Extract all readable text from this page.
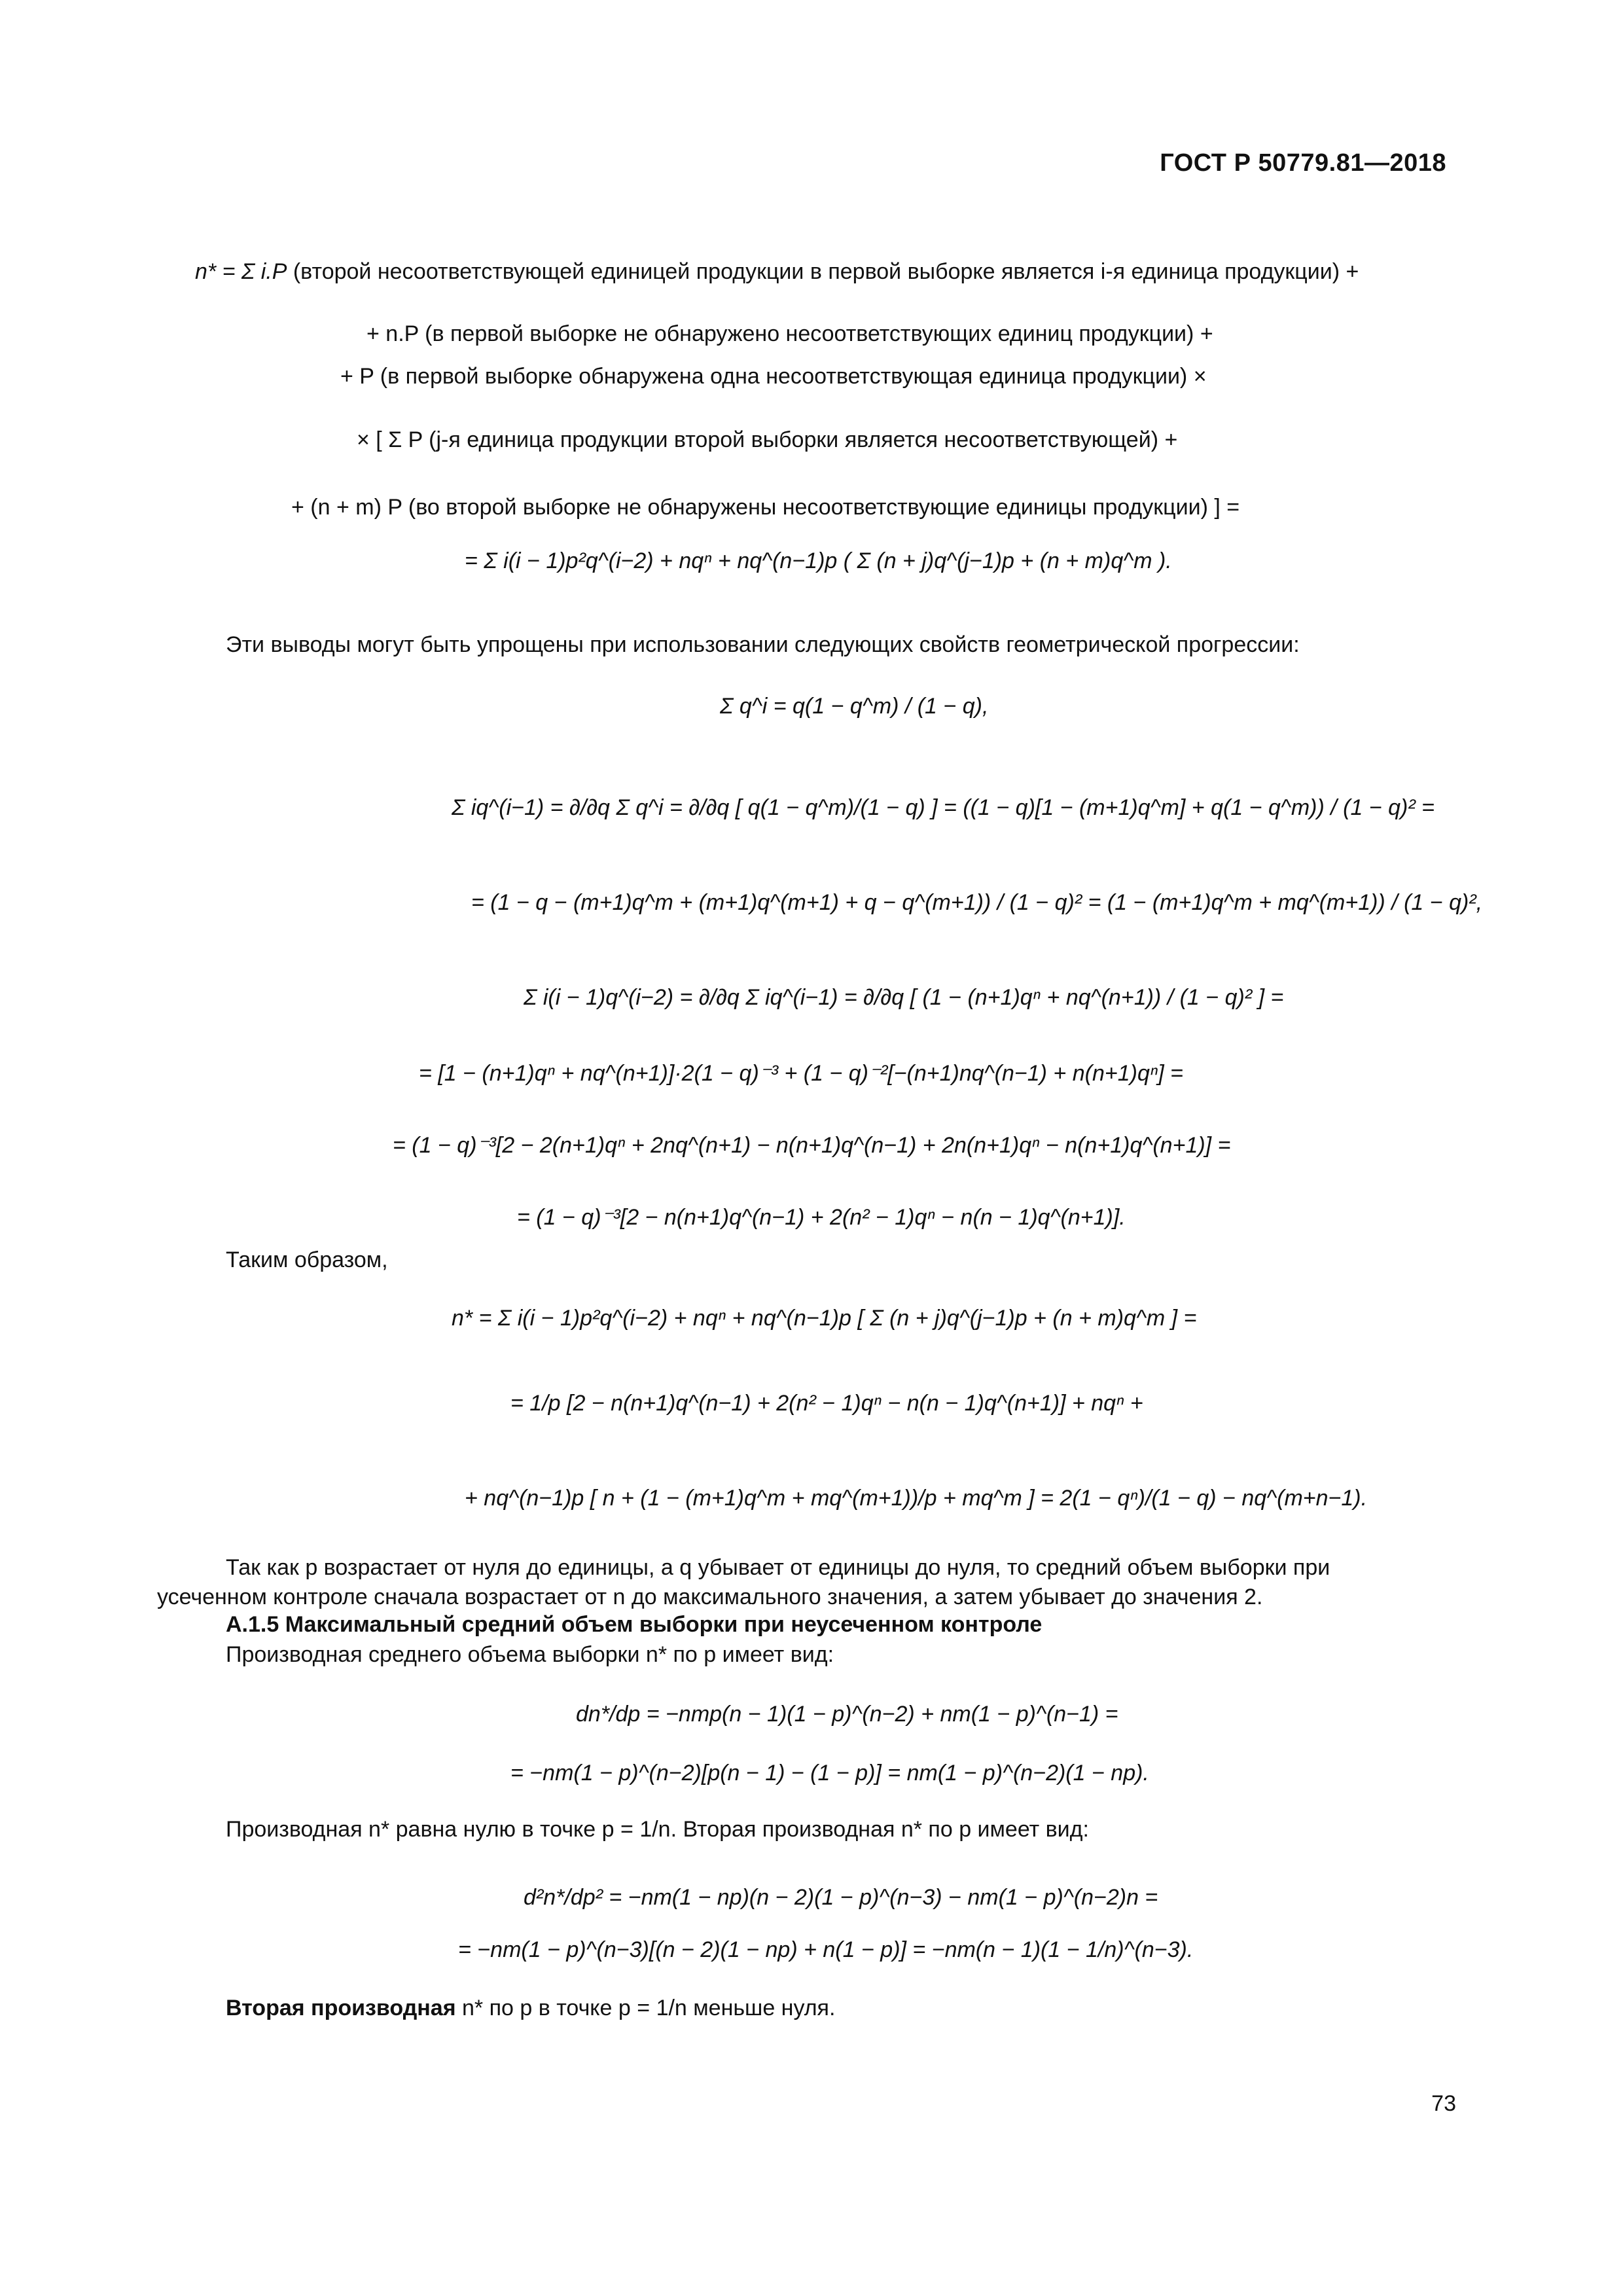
ГОСТ Р 50779.81—2018
n* = Σ i.P (второй несоответствующей единицей продукции в первой выборке является i-я единица продукции) +
+ n.P (в первой выборке не обнаружено несоответствующих единиц продукции) +
+ P (в первой выборке обнаружена одна несоответствующая единица продукции) ×
× [ Σ P (j-я единица продукции второй выборки является несоответствующей) +
+ (n + m) P (во второй выборке не обнаружены несоответствующие единицы продукции) ] =
= Σ i(i − 1)p²q^(i−2) + nqⁿ + nq^(n−1)p ( Σ (n + j)q^(j−1)p + (n + m)q^m ).
Эти выводы могут быть упрощены при использовании следующих свойств геометрической прогрессии:
Σ q^i = q(1 − q^m) / (1 − q),
Σ iq^(i−1) = ∂/∂q Σ q^i = ∂/∂q [ q(1 − q^m)/(1 − q) ] = ((1 − q)[1 − (m+1)q^m] + q(1 − q^m)) / (1 − q)² =
= (1 − q − (m+1)q^m + (m+1)q^(m+1) + q − q^(m+1)) / (1 − q)² = (1 − (m+1)q^m + mq^(m+1)) / (1 − q)²,
Σ i(i − 1)q^(i−2) = ∂/∂q Σ iq^(i−1) = ∂/∂q [ (1 − (n+1)qⁿ + nq^(n+1)) / (1 − q)² ] =
= [1 − (n+1)qⁿ + nq^(n+1)]·2(1 − q)⁻³ + (1 − q)⁻²[−(n+1)nq^(n−1) + n(n+1)qⁿ] =
= (1 − q)⁻³[2 − 2(n+1)qⁿ + 2nq^(n+1) − n(n+1)q^(n−1) + 2n(n+1)qⁿ − n(n+1)q^(n+1)] =
= (1 − q)⁻³[2 − n(n+1)q^(n−1) + 2(n² − 1)qⁿ − n(n − 1)q^(n+1)].
Таким образом,
n* = Σ i(i − 1)p²q^(i−2) + nqⁿ + nq^(n−1)p [ Σ (n + j)q^(j−1)p + (n + m)q^m ] =
= 1/p [2 − n(n+1)q^(n−1) + 2(n² − 1)qⁿ − n(n − 1)q^(n+1)] + nqⁿ +
+ nq^(n−1)p [ n + (1 − (m+1)q^m + mq^(m+1))/p + mq^m ] = 2(1 − qⁿ)/(1 − q) − nq^(m+n−1).
Так как p возрастает от нуля до единицы, а q убывает от единицы до нуля, то средний объем выборки при
усеченном контроле сначала возрастает от n до максимального значения, а затем убывает до значения 2.
А.1.5 Максимальный средний объем выборки при неусеченном контроле
Производная среднего объема выборки n* по p имеет вид:
dn*/dp = −nmp(n − 1)(1 − p)^(n−2) + nm(1 − p)^(n−1) =
= −nm(1 − p)^(n−2)[p(n − 1) − (1 − p)] = nm(1 − p)^(n−2)(1 − np).
Производная n* равна нулю в точке p = 1/n. Вторая производная n* по p имеет вид:
d²n*/dp² = −nm(1 − np)(n − 2)(1 − p)^(n−3) − nm(1 − p)^(n−2)n =
= −nm(1 − p)^(n−3)[(n − 2)(1 − np) + n(1 − p)] = −nm(n − 1)(1 − 1/n)^(n−3).
Вторая производная n* по p в точке p = 1/n меньше нуля.
73
